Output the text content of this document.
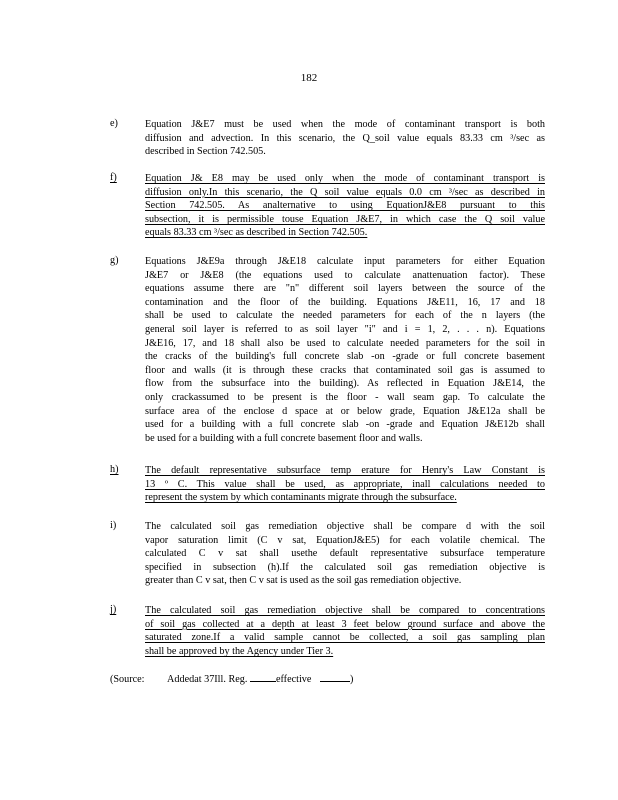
182
e)	Equation J&E7 must be used when the mode of contaminant transport is both
diffusion and advection. In this scenario, the Q_soil value equals 83.33 cm ³/sec as
described in Section 742.505.
f)	Equation J& E8 may be used only when the mode of contaminant transport is
diffusion only.In this scenario, the Q soil value equals 0.0 cm ³/sec as described in
Section 742.505. As analternative to using EquationJ&E8 pursuant to this
subsection, it is permissible touse Equation J&E7, in which case the Q soil value
equals 83.33 cm ³/sec as described in Section 742.505.
g)	Equations J&E9a through J&E18 calculate input parameters for either Equation
J&E7 or J&E8 (the equations used to calculate anattenuation factor). These
equations assume there are "n" different soil layers between the source of the
contamination and the floor of the building. Equations J&E11, 16, 17 and 18
shall be used to calculate the needed parameters for each of the n layers (the
general soil layer is referred to as soil layer "i" and i = 1, 2, . . . n). Equations
J&E16, 17, and 18 shall also be used to calculate needed parameters for the soil in
the cracks of the building's full concrete slab -on -grade or full concrete basement
floor and walls (it is through these cracks that contaminated soil gas is assumed to
flow from the subsurface into the building). As reflected in Equation J&E14, the
only crackassumed to be present is the floor - wall seam gap. To calculate the
surface area of the enclose d space at or below grade, Equation J&E12a shall be
used for a building with a full concrete slab -on -grade and Equation J&E12b shall
be used for a building with a full concrete basement floor and walls.
h)	The default representative subsurface temp erature for Henry's Law Constant is
13 º C. This value shall be used, as appropriate, inall calculations needed to
represent the system by which contaminants migrate through the subsurface.
i)	The calculated soil gas remediation objective shall be compare d with the soil
vapor saturation limit (C v sat, EquationJ&E5) for each volatile chemical. The
calculated C v sat shall usethe default representative subsurface temperature
specified in subsection (h).If the calculated soil gas remediation objective is
greater than C v sat, then C v sat is used as the soil gas remediation objective.
j)	The calculated soil gas remediation objective shall be compared to concentrations
of soil gas collected at a depth at least 3 feet below ground surface and above the
saturated zone.If a valid sample cannot be collected, a soil gas sampling plan
shall be approved by the Agency under Tier 3.
(Source: Addedat 37Ill. Reg.	effective	)
